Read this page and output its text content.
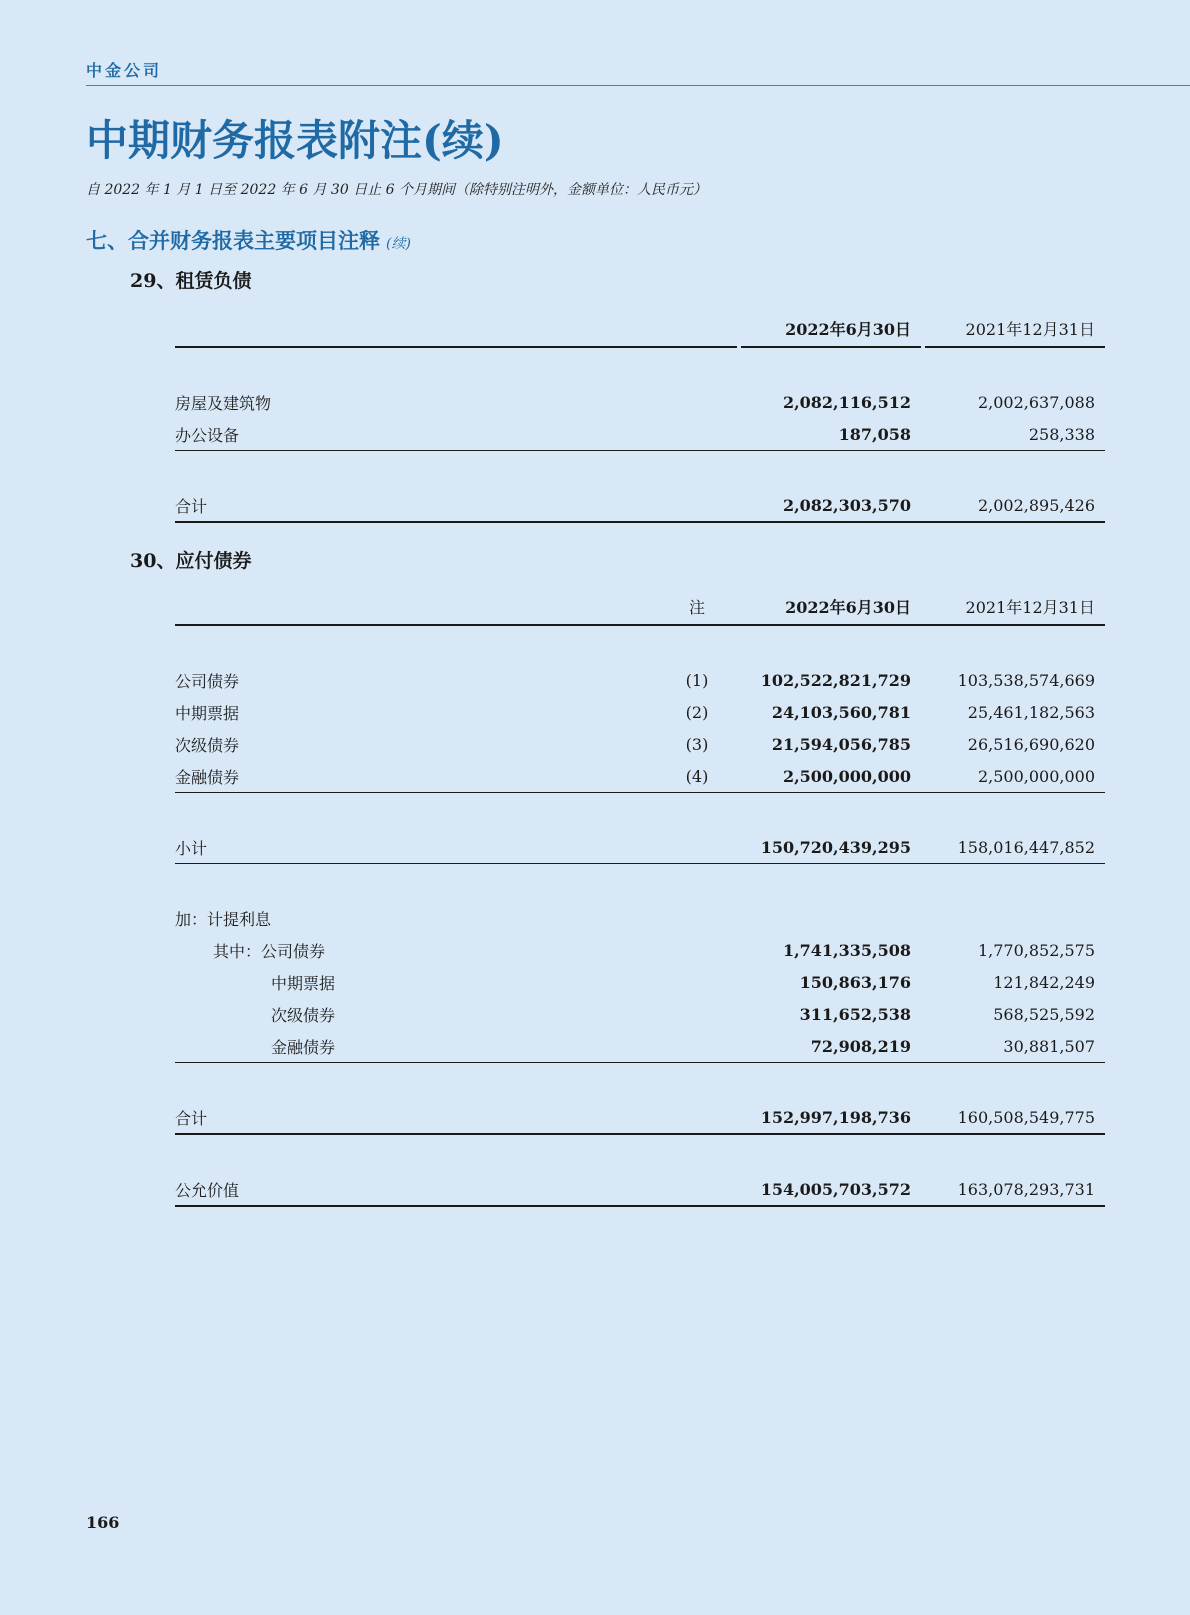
中金公司
中期财务报表附注(续)
自 2022 年 1 月 1 日至 2022 年 6 月 30 日止 6 个月期间（除特别注明外，金额单位：人民币元）
七、合并财务报表主要项目注释 (续)
29、租赁负债
			2022年6月30日		2021年12月31日

房屋及建筑物			2,082,116,512		2,002,637,088
办公设备			187,058		258,338

合计			2,082,303,570		2,002,895,426

30、应付债券
	注		2022年6月30日		2021年12月31日

公司债券	(1)		102,522,821,729		103,538,574,669
中期票据	(2)		24,103,560,781		25,461,182,563
次级债券	(3)		21,594,056,785		26,516,690,620
金融债券	(4)		2,500,000,000		2,500,000,000

小计			150,720,439,295		158,016,447,852

加：计提利息					
其中：公司债券			1,741,335,508		1,770,852,575
中期票据			150,863,176		121,842,249
次级债券			311,652,538		568,525,592
金融债券			72,908,219		30,881,507

合计			152,997,198,736		160,508,549,775

公允价值			154,005,703,572		163,078,293,731

166
